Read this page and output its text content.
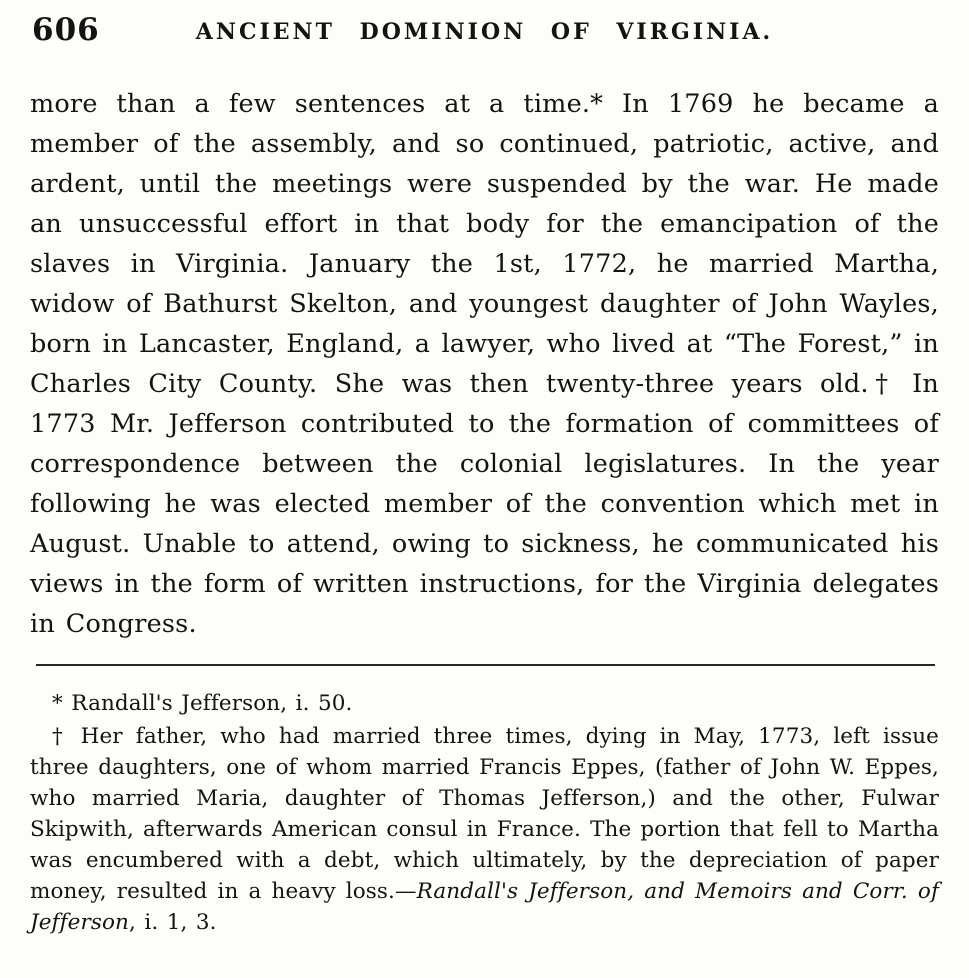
606	ANCIENT DOMINION OF VIRGINIA.

more than a few sentences at a time.* In 1769 he became a member of the assembly, and so continued, patriotic, active, and ardent, until the meetings were suspended by the war. He made an unsuccessful effort in that body for the emancipation of the slaves in Virginia. January the 1st, 1772, he married Martha, widow of Bathurst Skelton, and youngest daughter of John Wayles, born in Lancaster, England, a lawyer, who lived at “The Forest,” in Charles City County. She was then twenty-three years old.† In 1773 Mr. Jefferson contributed to the formation of committees of correspondence between the colonial legislatures. In the year following he was elected member of the convention which met in August. Unable to attend, owing to sickness, he communicated his views in the form of written instructions, for the Virginia delegates in Congress.

* Randall's Jefferson, i. 50.

† Her father, who had married three times, dying in May, 1773, left issue three daughters, one of whom married Francis Eppes, (father of John W. Eppes, who married Maria, daughter of Thomas Jefferson,) and the other, Fulwar Skipwith, afterwards American consul in France. The portion that fell to Martha was encumbered with a debt, which ultimately, by the depreciation of paper money, resulted in a heavy loss.—Randall's Jefferson, and Memoirs and Corr. of Jefferson, i. 1, 3.
